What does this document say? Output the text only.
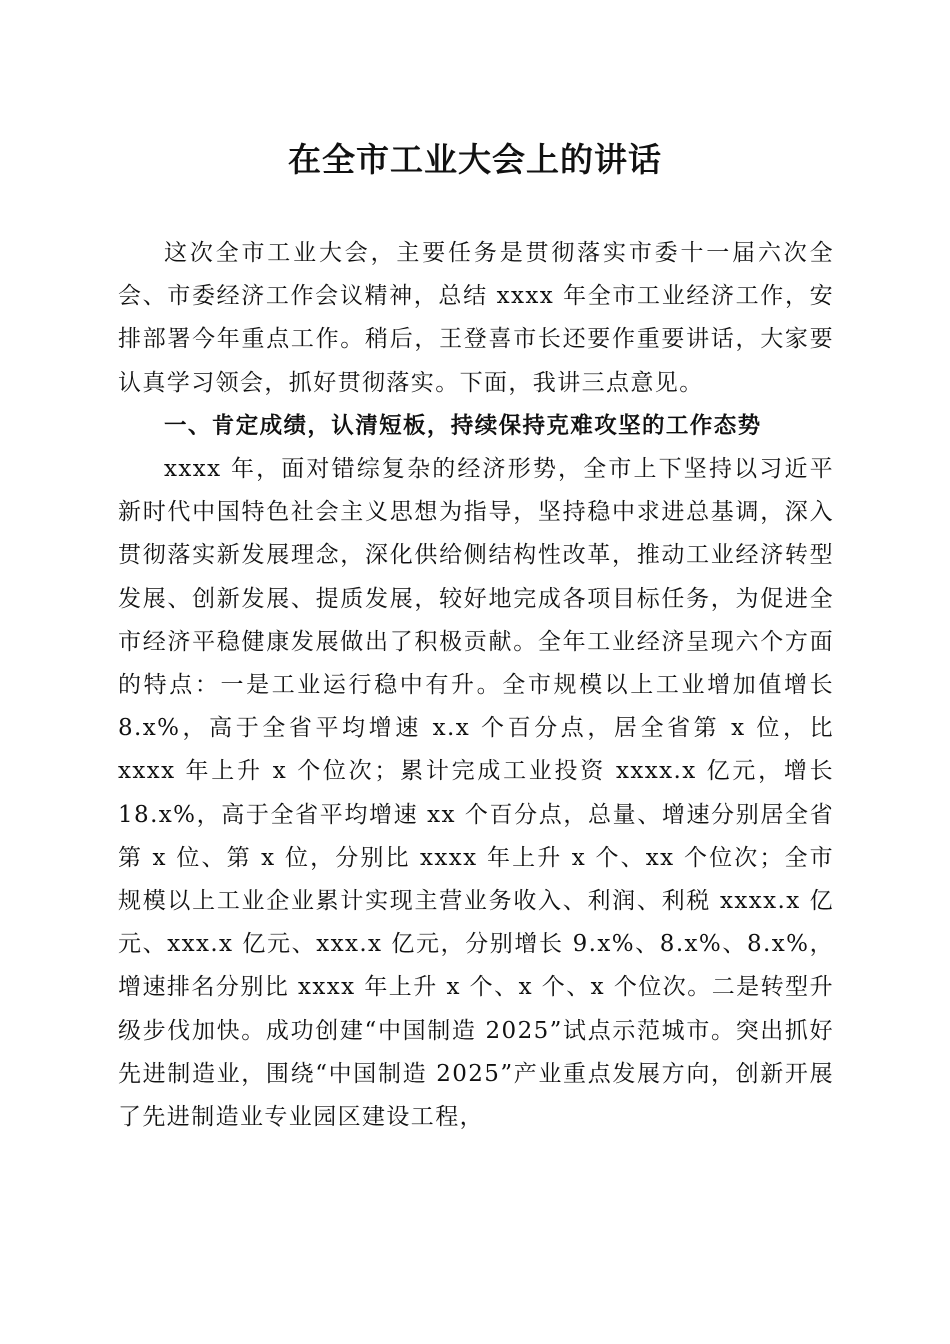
在全市工业大会上的讲话

这次全市工业大会，主要任务是贯彻落实市委十一届六次全会、市委经济工作会议精神，总结 xxxx 年全市工业经济工作，安排部署今年重点工作。稍后，王登喜市长还要作重要讲话，大家要认真学习领会，抓好贯彻落实。下面，我讲三点意见。

一、肯定成绩，认清短板，持续保持克难攻坚的工作态势

xxxx 年，面对错综复杂的经济形势，全市上下坚持以习近平新时代中国特色社会主义思想为指导，坚持稳中求进总基调，深入贯彻落实新发展理念，深化供给侧结构性改革，推动工业经济转型发展、创新发展、提质发展，较好地完成各项目标任务，为促进全市经济平稳健康发展做出了积极贡献。全年工业经济呈现六个方面的特点：一是工业运行稳中有升。全市规模以上工业增加值增长 8.x%，高于全省平均增速 x.x 个百分点，居全省第 x 位，比 xxxx 年上升 x 个位次；累计完成工业投资 xxxx.x 亿元，增长 18.x%，高于全省平均增速 xx 个百分点，总量、增速分别居全省第 x 位、第 x 位，分别比 xxxx 年上升 x 个、xx 个位次；全市规模以上工业企业累计实现主营业务收入、利润、利税 xxxx.x 亿元、xxx.x 亿元、xxx.x 亿元，分别增长 9.x%、8.x%、8.x%，增速排名分别比 xxxx 年上升 x 个、x 个、x 个位次。二是转型升级步伐加快。成功创建“中国制造 2025”试点示范城市。突出抓好先进制造业，围绕“中国制造 2025”产业重点发展方向，创新开展了先进制造业专业园区建设工程，
